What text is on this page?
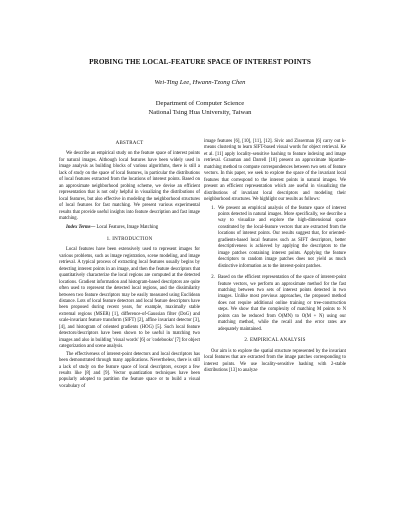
PROBING THE LOCAL-FEATURE SPACE OF INTEREST POINTS
Wei-Ting Lee, Hwann-Tzong Chen
Department of Computer Science
National Tsing Hua University, Taiwan
ABSTRACT

We describe an empirical study on the feature space of interest points for natural images. Although local features have been widely used in image analysis as building blocks of various algorithms, there is still a lack of study on the space of local features, in particular the distributions of local features extracted from the locations of interest points. Based on an approximate neighborhood probing scheme, we devise an efficient representation that is not only helpful in visualizing the distributions of local features, but also effective in modeling the neighborhood structures of local features for fast matching. We present various experimental results that provide useful insights into feature description and fast image matching.

Index Terms— Local Features, Image Matching
1. INTRODUCTION

Local features have been extensively used to represent images for various problems, such as image registration, scene modeling, and image retrieval. A typical process of extracting local features usually begins by detecting interest points in an image, and then the feature descriptors that quantitatively characterize the local regions are computed at the detected locations. Gradient information and histogram-based descriptors are quite often used to represent the detected local regions, and the dissimilarity between two feature descriptors may be easily measured using Euclidean distance. Lots of local feature detectors and local feature descriptors have been proposed during recent years, for example, maximally stable extremal regions (MSER) [1], difference-of-Gaussian filter (DoG) and scale-invariant feature transform (SIFT) [2], affine invariant detector [3], [4], and histogram of oriented gradients (HOG) [5]. Such local feature detectors/descriptors have been shown to be useful in matching two images and also in building 'visual words' [6] or 'codebooks' [7] for object categorization and scene analysis.

The effectiveness of interest-point detectors and local descriptors has been demonstrated through many applications. Nevertheless, there is still a lack of study on the feature space of local descriptors, except a few results like [8] and [9]. Vector quantization techniques have been popularly adopted to partition the feature space or to build a visual vocabulary of

image features [6], [10], [11], [12]. Sivic and Zisserman [6] carry out k-means clustering to learn SIFT-based visual words for object retrieval. Ke et al. [11] apply locality-sensitive hashing to feature indexing and image retrieval. Grauman and Darrell [10] present an approximate bipartite-matching method to compute correspondences between two sets of feature vectors. In this paper, we seek to explore the space of the invariant local features that correspond to the interest points in natural images. We present an efficient representation which are useful in visualizing the distributions of invariant local descriptors and modeling their neighborhood structures. We highlight our results as follows:

1. We present an empirical analysis of the feature space of interest points detected in natural images. More specifically, we describe a way to visualize and explore the high-dimensional space constituted by the local-feature vectors that are extracted from the locations of interest points. Our results suggest that, for oriented-gradients-based local features such as SIFT descriptors, better descriptiveness is achieved by applying the descriptors to the image patches containing interest points. Applying the feature descriptors to random image patches does not yield as much distinctive information as to the interest-point patches.
2. Based on the efficient representation of the space of interest-point feature vectors, we perform an approximate method for the fast matching between two sets of interest points detected in two images. Unlike most previous approaches, the proposed method does not require additional online training or tree-construction steps. We show that the complexity of matching M points to N points can be reduced from O(MN) to O(M + N) using our matching method, while the recall and the error rates are adequately maintained.
2. EMPIRICAL ANALYSIS

Our aim is to explore the spatial structure represented by the invariant local features that are extracted from the image patches corresponding to interest points. We use locality-sensitive hashing with 2-stable distributions [13] to analyze
